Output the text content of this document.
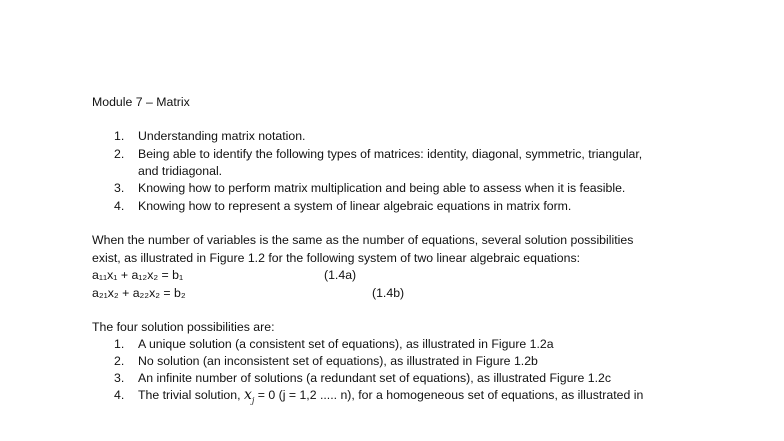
Module 7 – Matrix
1.	Understanding matrix notation.
2.	Being able to identify the following types of matrices: identity, diagonal, symmetric, triangular,
and tridiagonal.
3.	Knowing how to perform matrix multiplication and being able to assess when it is feasible.
4.	Knowing how to represent a system of linear algebraic equations in matrix form.
When the number of variables is the same as the number of equations, several solution possibilities
exist, as illustrated in Figure 1.2 for the following system of two linear algebraic equations:
a₁₁x₁ + a₁₂x₂ = b₁	(1.4a)
a₂₁x₂ + a₂₂x₂ = b₂	(1.4b)
The four solution possibilities are:
1.	A unique solution (a consistent set of equations), as illustrated in Figure 1.2a
2.	No solution (an inconsistent set of equations), as illustrated in Figure 1.2b
3.	An infinite number of solutions (a redundant set of equations), as illustrated Figure 1.2c
4.	The trivial solution, $x_j = 0$ (j = 1,2 ..... n), for a homogeneous set of equations, as illustrated in
